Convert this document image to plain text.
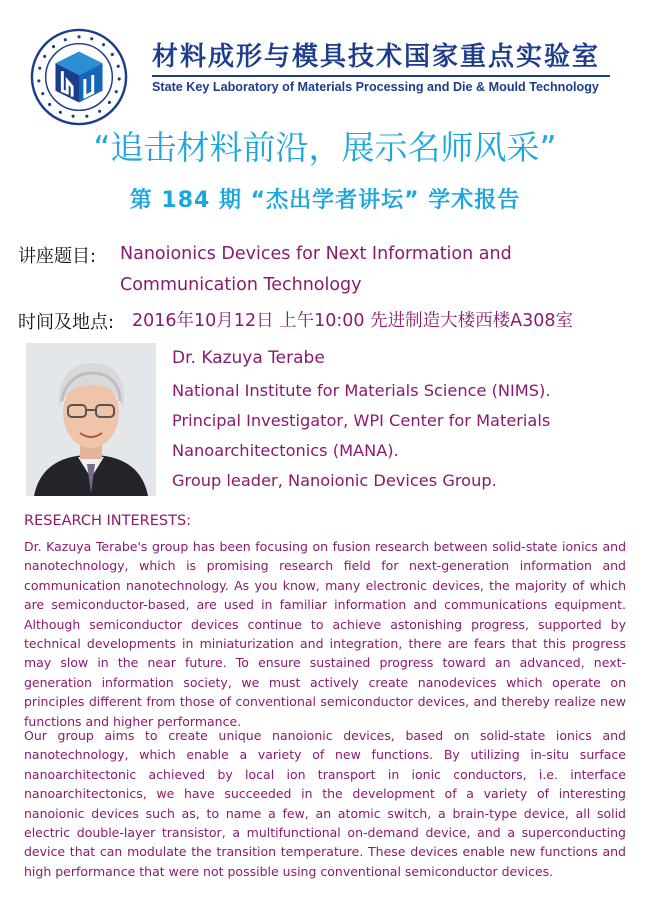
材料成形与模具技术国家重点实验室
State Key Laboratory of Materials Processing and Die & Mould Technology
“追击材料前沿，展示名师风采”
第 184 期 “杰出学者讲坛” 学术报告
讲座题目: Nanoionics Devices for Next Information and
Communication Technology
时间及地点: 2016年10月12日 上午10:00 先进制造大楼西楼A308室
Dr. Kazuya Terabe
National Institute for Materials Science (NIMS).
Principal Investigator, WPI Center for Materials
Nanoarchitectonics (MANA).
Group leader, Nanoionic Devices Group.
RESEARCH INTERESTS:
Dr. Kazuya Terabe's group has been focusing on fusion research between solid-state ionics and nanotechnology, which is promising research field for next-generation information and communication nanotechnology. As you know, many electronic devices, the majority of which are semiconductor-based, are used in familiar information and communications equipment. Although semiconductor devices continue to achieve astonishing progress, supported by technical developments in miniaturization and integration, there are fears that this progress may slow in the near future. To ensure sustained progress toward an advanced, next-generation information society, we must actively create nanodevices which operate on principles different from those of conventional semiconductor devices, and thereby realize new functions and higher performance.
Our group aims to create unique nanoionic devices, based on solid-state ionics and nanotechnology, which enable a variety of new functions. By utilizing in-situ surface nanoarchitectonic achieved by local ion transport in ionic conductors, i.e. interface nanoarchitectonics, we have succeeded in the development of a variety of interesting nanoionic devices such as, to name a few, an atomic switch, a brain-type device, all solid electric double-layer transistor, a multifunctional on-demand device, and a superconducting device that can modulate the transition temperature. These devices enable new functions and high performance that were not possible using conventional semiconductor devices.
